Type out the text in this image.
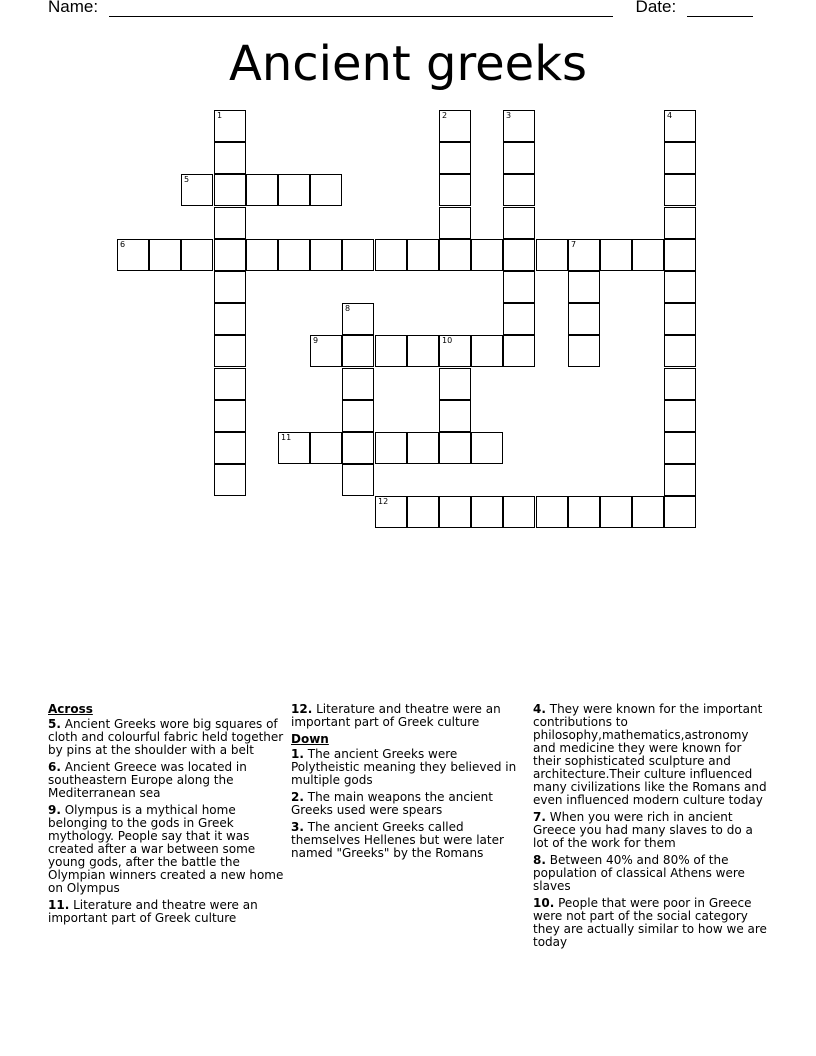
Name:	Date:
Ancient greeks
1	2	3	4
5
6	7
8
9	10
11
12
Across
5. Ancient Greeks wore big squares of cloth and colourful fabric held together by pins at the shoulder with a belt
6. Ancient Greece was located in southeastern Europe along the Mediterranean sea
9. Olympus is a mythical home belonging to the gods in Greek mythology. People say that it was created after a war between some young gods, after the battle the Olympian winners created a new home on Olympus
11. Literature and theatre were an important part of Greek culture
12. Literature and theatre were an important part of Greek culture
Down
1. The ancient Greeks were Polytheistic meaning they believed in multiple gods
2. The main weapons the ancient Greeks used were spears
3. The ancient Greeks called themselves Hellenes but were later named "Greeks" by the Romans
4. They were known for the important contributions to philosophy,mathematics,astronomy and medicine they were known for their sophisticated sculpture and architecture.Their culture influenced many civilizations like the Romans and even influenced modern culture today
7. When you were rich in ancient Greece you had many slaves to do a lot of the work for them
8. Between 40% and 80% of the population of classical Athens were slaves
10. People that were poor in Greece were not part of the social category they are actually similar to how we are today
